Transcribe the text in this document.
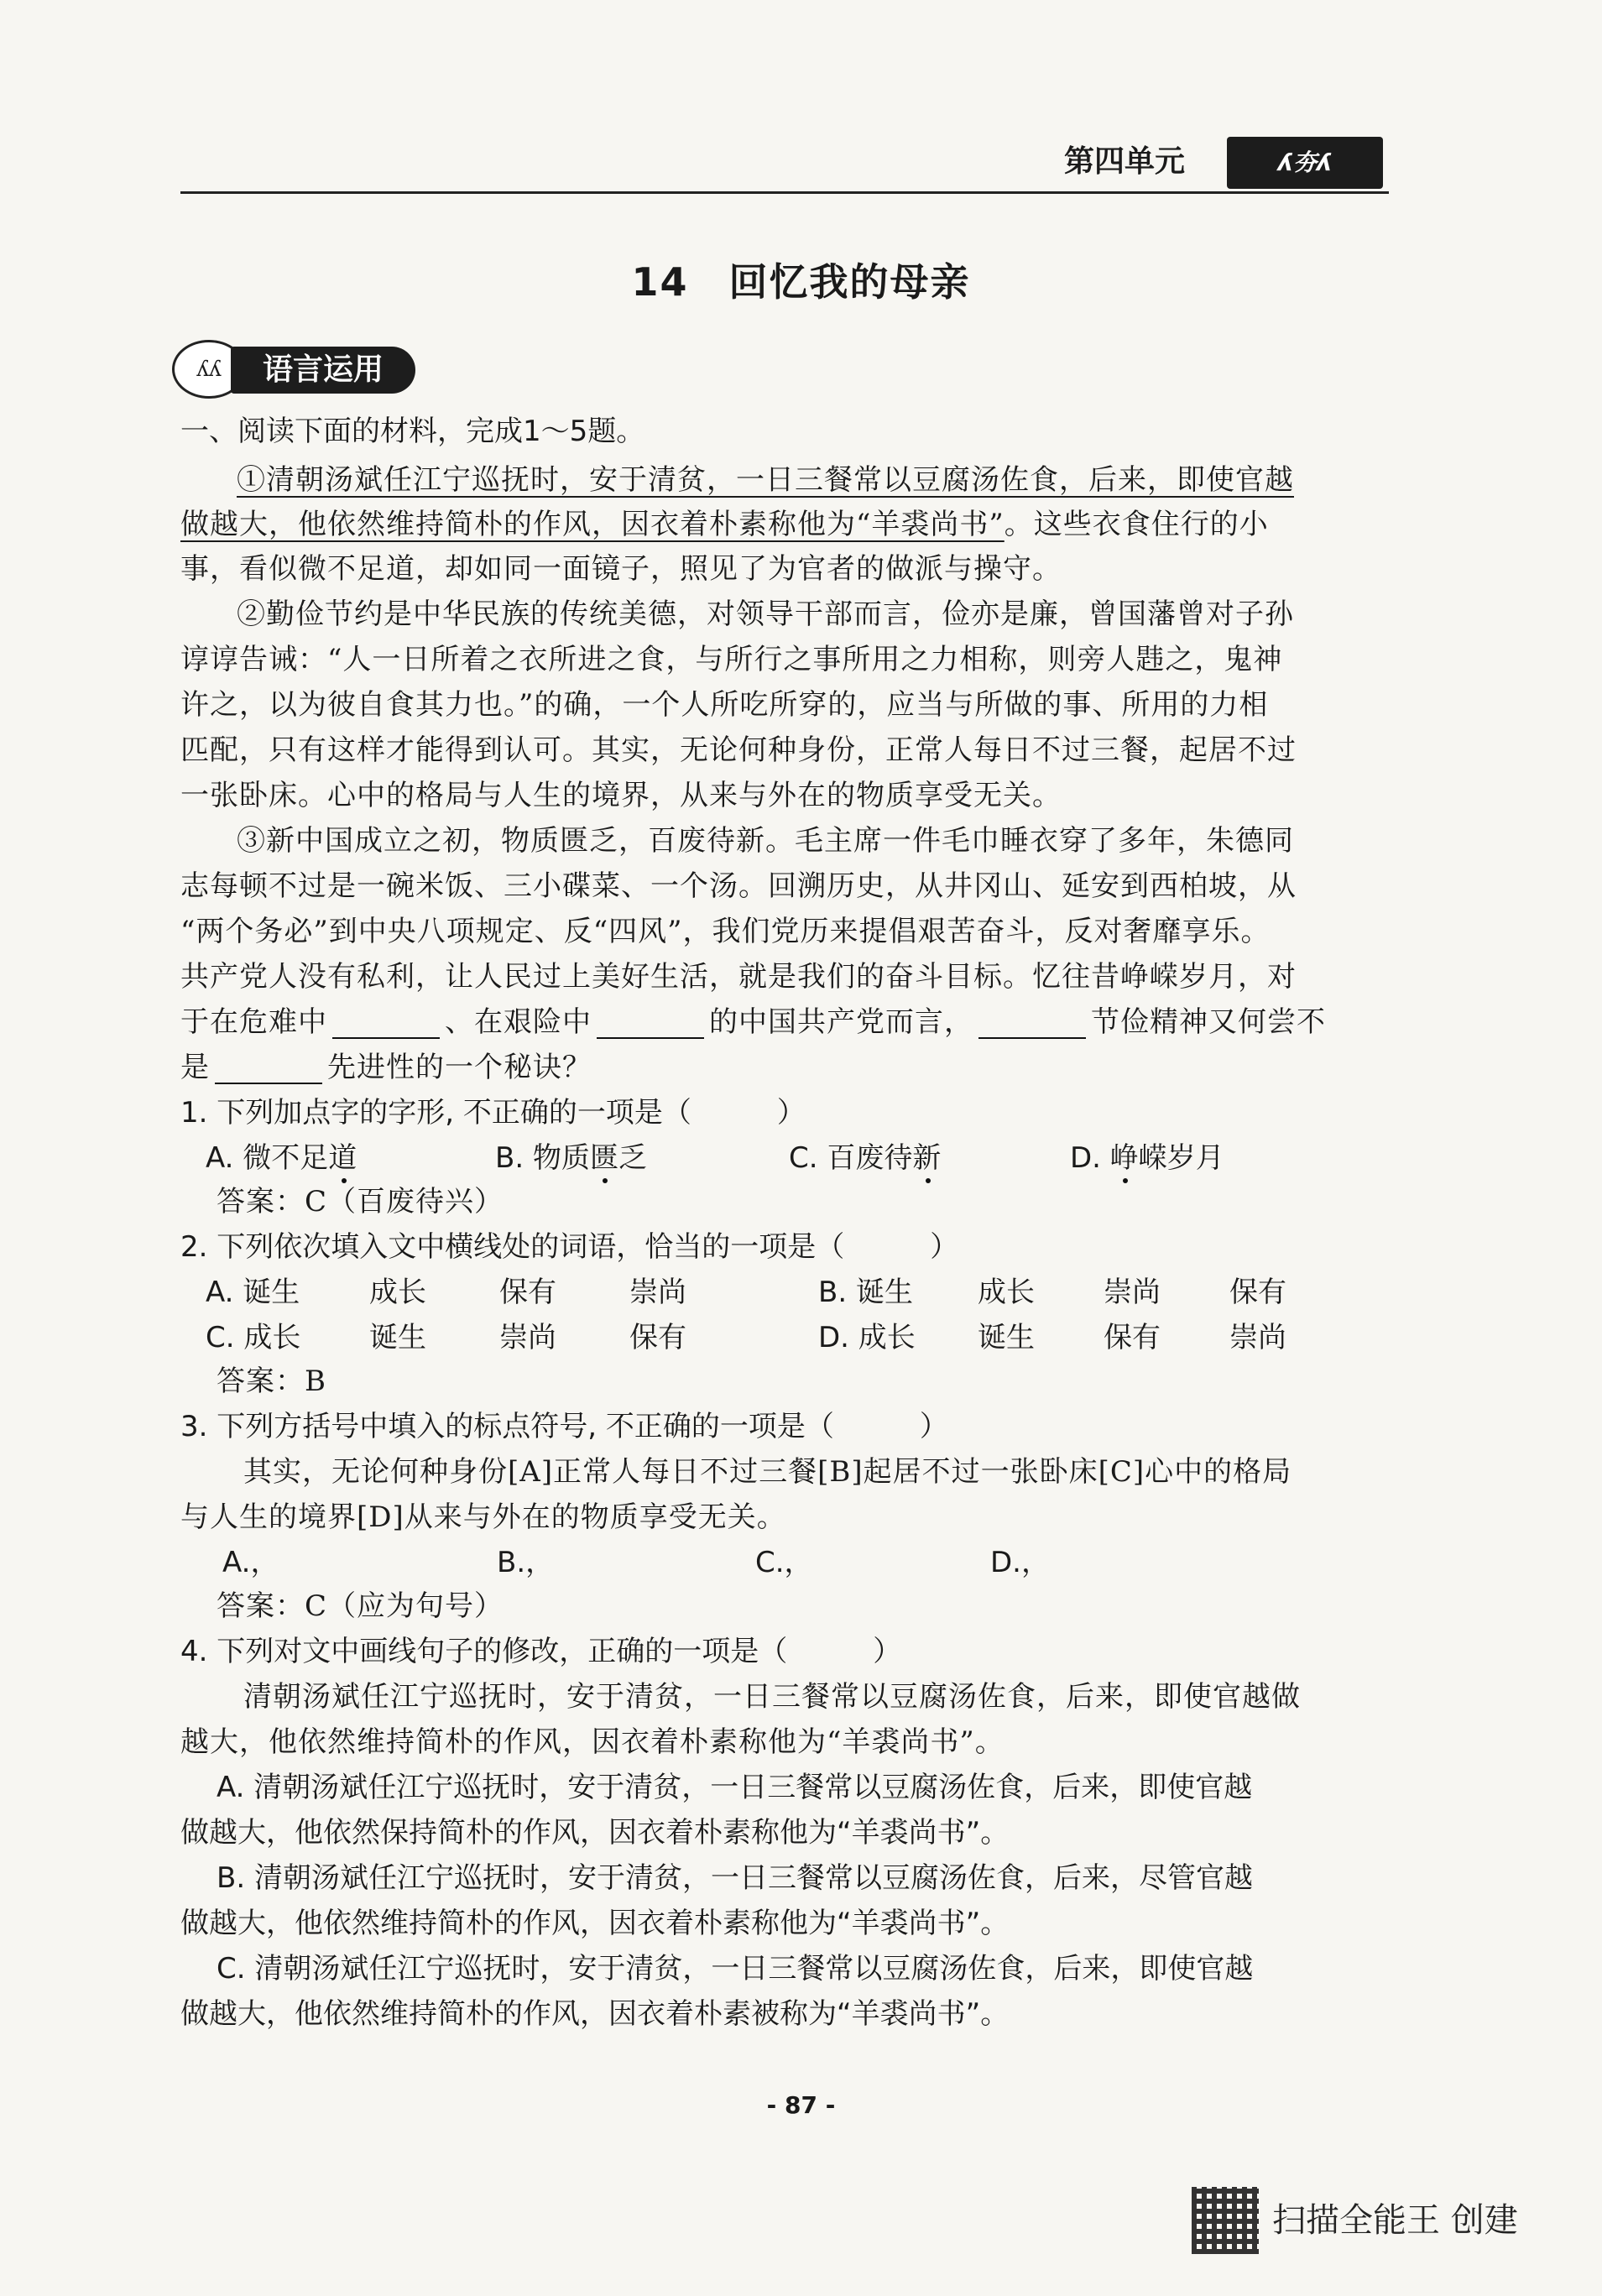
第四单元	ʎ夯ʎ
14　回忆我的母亲
ʎʎ	语言运用
一、阅读下面的材料，完成1～5题。
①清朝汤斌任江宁巡抚时，安于清贫，一日三餐常以豆腐汤佐食，后来，即使官越
做越大，他依然维持简朴的作风，因衣着朴素称他为“羊裘尚书”。这些衣食住行的小
事，看似微不足道，却如同一面镜子，照见了为官者的做派与操守。
②勤俭节约是中华民族的传统美德，对领导干部而言，俭亦是廉，曾国藩曾对子孙
谆谆告诫：“人一日所着之衣所进之食，与所行之事所用之力相称，则旁人韪之，鬼神
许之，以为彼自食其力也。”的确，一个人所吃所穿的，应当与所做的事、所用的力相
匹配，只有这样才能得到认可。其实，无论何种身份，正常人每日不过三餐，起居不过
一张卧床。心中的格局与人生的境界，从来与外在的物质享受无关。
③新中国成立之初，物质匮乏，百废待新。毛主席一件毛巾睡衣穿了多年，朱德同
志每顿不过是一碗米饭、三小碟菜、一个汤。回溯历史，从井冈山、延安到西柏坡，从
“两个务必”到中央八项规定、反“四风”，我们党历来提倡艰苦奋斗，反对奢靡享乐。
共产党人没有私利，让人民过上美好生活，就是我们的奋斗目标。忆往昔峥嵘岁月，对
于在危难中	、在艰险中	的中国共产党而言，	节俭精神又何尝不
是	先进性的一个秘诀？
1. 下列加点字的字形, 不正确的一项是（　　　）
A. 微不足道	B. 物质匮乏	C. 百废待新	D. 峥嵘岁月
答案：C（百废待兴）
2. 下列依次填入文中横线处的词语，恰当的一项是（　　　）
A. 诞生 成长	保有	崇尚	B. 诞生 成长 崇尚 保有
C. 成长 诞生	崇尚	保有	D. 成长 诞生 保有 崇尚
答案：B
3. 下列方括号中填入的标点符号, 不正确的一项是（　　　）
其实，无论何种身份[A]正常人每日不过三餐[B]起居不过一张卧床[C]心中的格局
与人生的境界[D]从来与外在的物质享受无关。
A.，	B.，	C.，	D.，
答案：C（应为句号）
4. 下列对文中画线句子的修改，正确的一项是（　　　）
清朝汤斌任江宁巡抚时，安于清贫，一日三餐常以豆腐汤佐食，后来，即使官越做
越大，他依然维持简朴的作风，因衣着朴素称他为“羊裘尚书”。
A. 清朝汤斌任江宁巡抚时，安于清贫，一日三餐常以豆腐汤佐食，后来，即使官越
做越大，他依然保持简朴的作风，因衣着朴素称他为“羊裘尚书”。
B. 清朝汤斌任江宁巡抚时，安于清贫，一日三餐常以豆腐汤佐食，后来，尽管官越
做越大，他依然维持简朴的作风，因衣着朴素称他为“羊裘尚书”。
C. 清朝汤斌任江宁巡抚时，安于清贫，一日三餐常以豆腐汤佐食，后来，即使官越
做越大，他依然维持简朴的作风，因衣着朴素被称为“羊裘尚书”。
- 87 -
扫描全能王 创建
